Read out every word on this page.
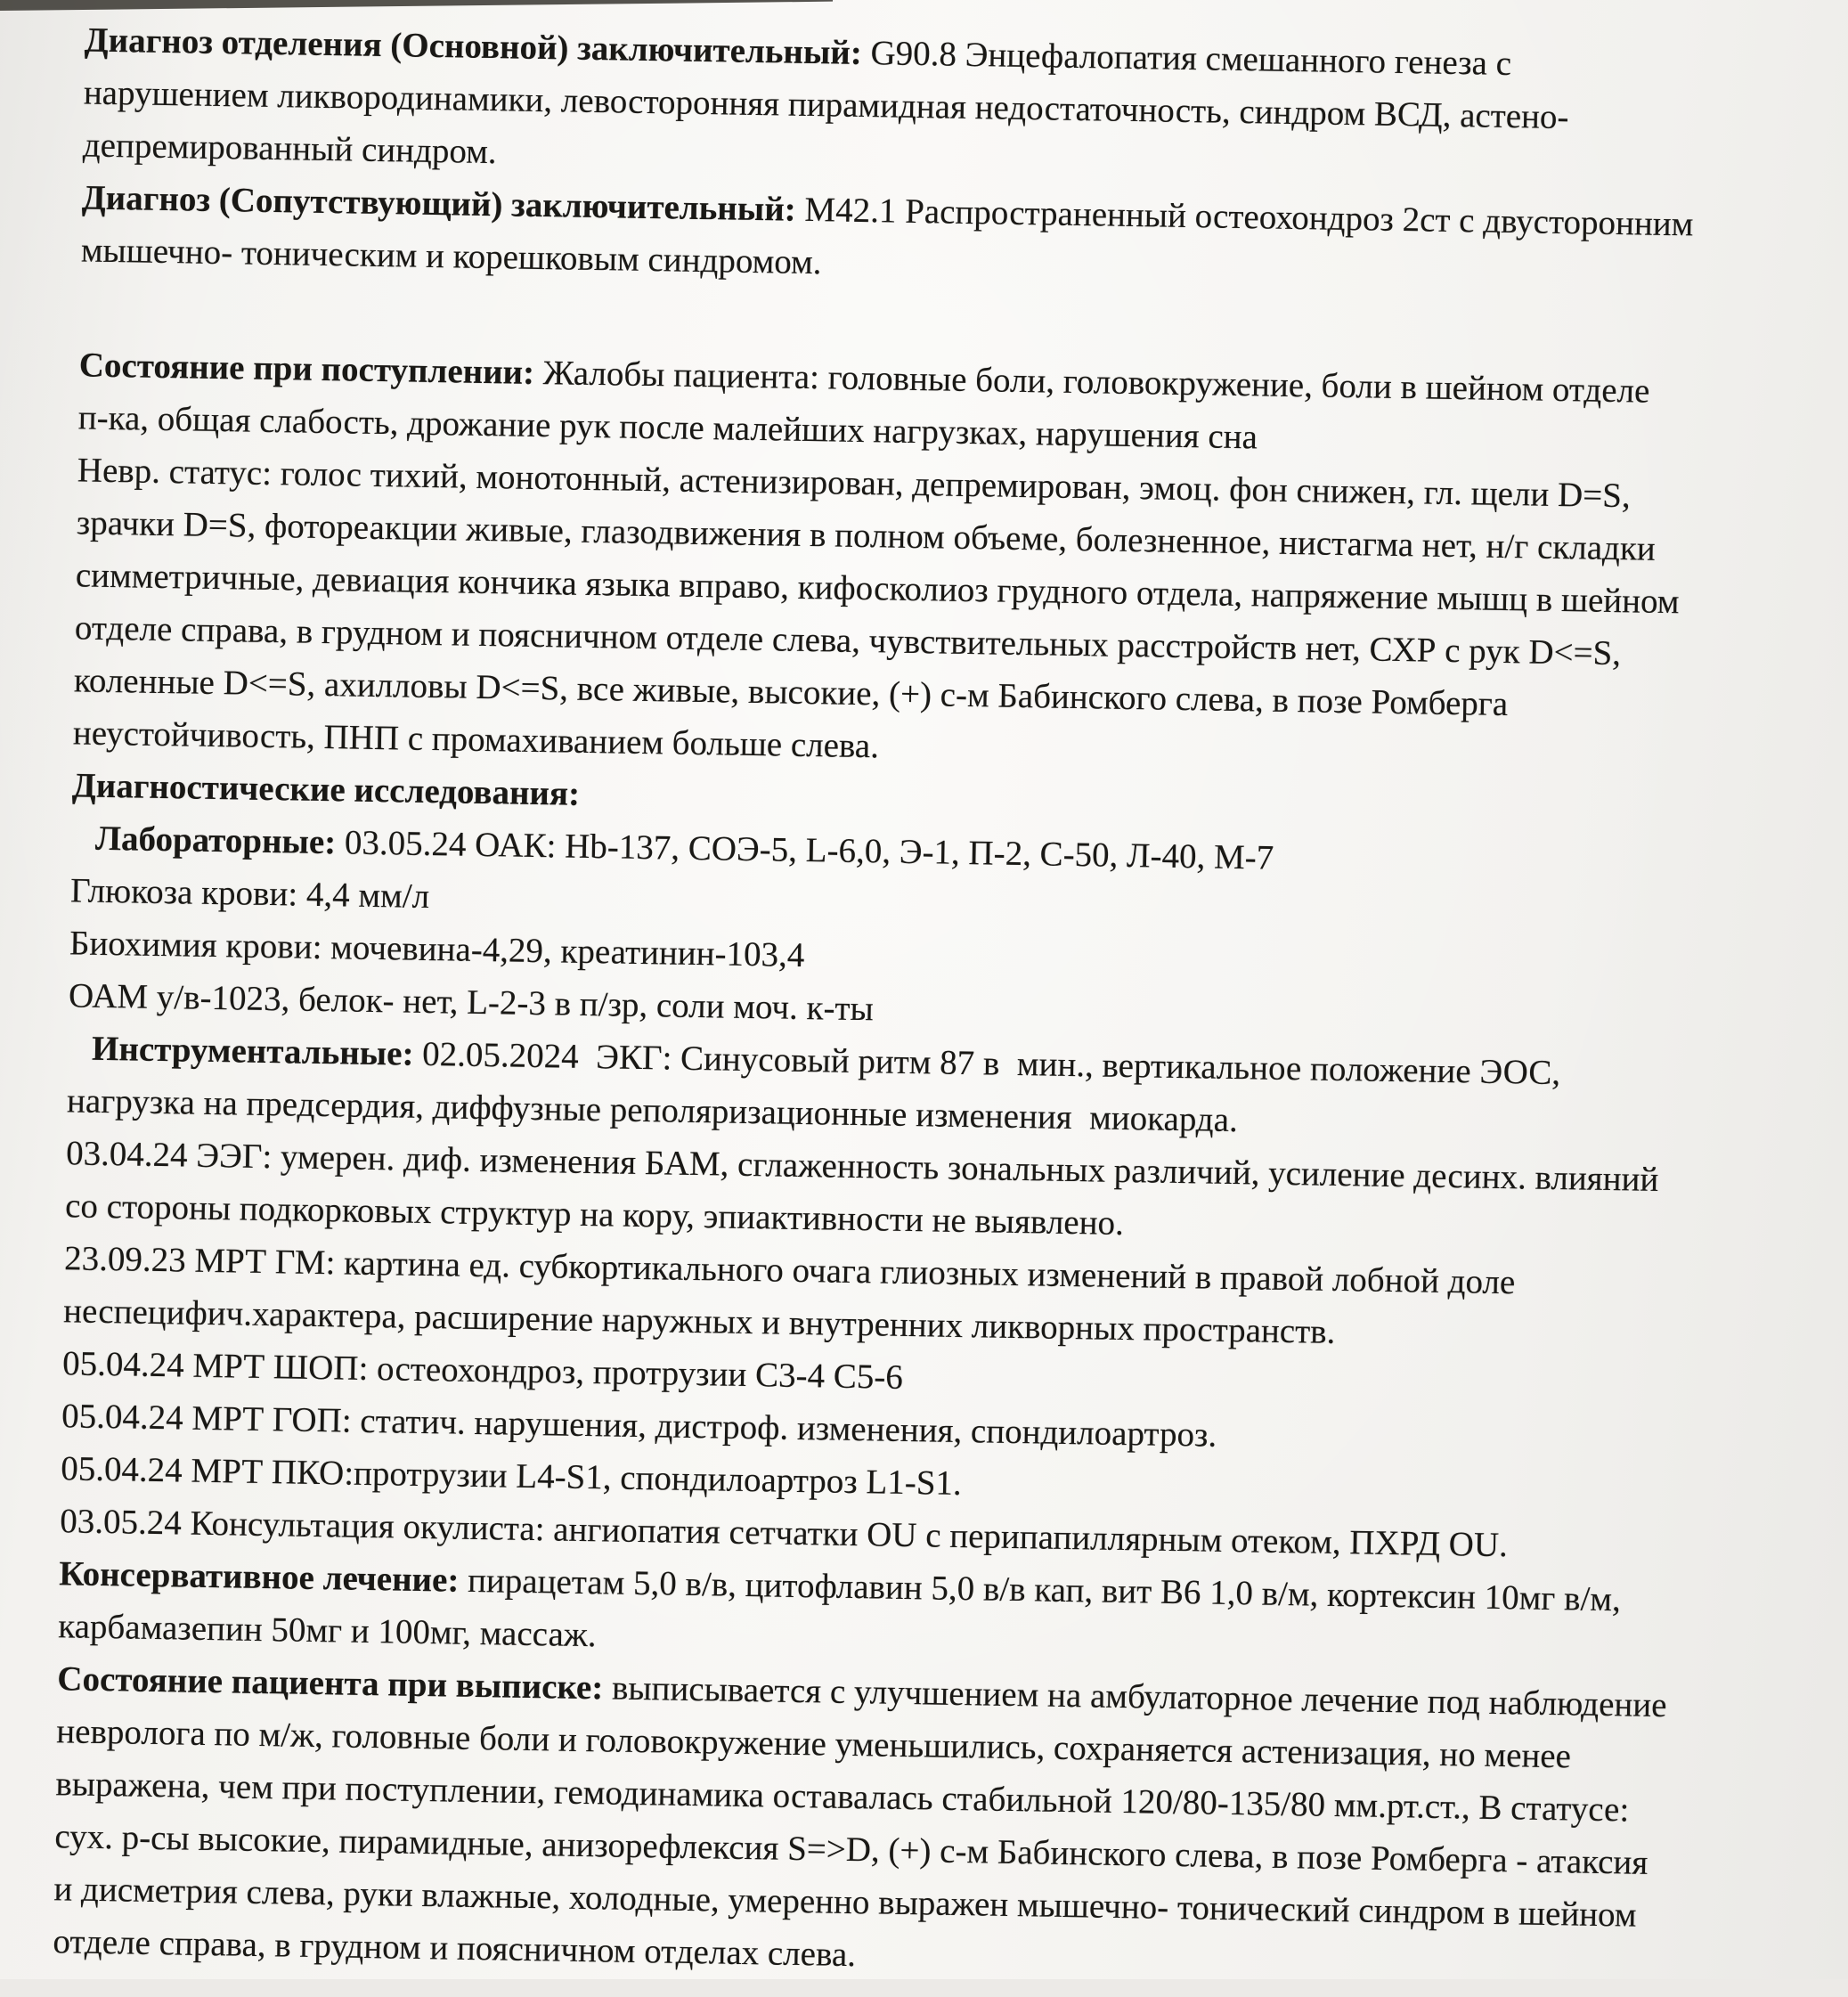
Диагноз отделения (Основной) заключительный: G90.8 Энцефалопатия смешанного генеза с
нарушением ликвородинамики, левосторонняя пирамидная недостаточность, синдром ВСД, астено-
депремированный синдром.

Диагноз (Сопутствующий) заключительный: М42.1 Распространенный остеохондроз 2ст с двусторонним
мышечно- тоническим и корешковым синдромом.

Состояние при поступлении: Жалобы пациента: головные боли, головокружение, боли в шейном отделе
п-ка, общая слабость, дрожание рук после малейших нагрузках, нарушения сна

Невр. статус: голос тихий, монотонный, астенизирован, депремирован, эмоц. фон снижен, гл. щели D=S,
зрачки D=S, фотореакции живые, глазодвижения в полном объеме, болезненное, нистагма нет, н/г складки
симметричные, девиация кончика языка вправо, кифосколиоз грудного отдела, напряжение мышц в шейном
отделе справа, в грудном и поясничном отделе слева, чувствительных расстройств нет, СХР с рук D<=S,
коленные D<=S, ахилловы D<=S, все живые, высокие, (+) с-м Бабинского слева, в позе Ромберга
неустойчивость, ПНП с промахиванием больше слева.

Диагностические исследования:

Лабораторные: 03.05.24 ОАК: Hb-137, СОЭ-5, L-6,0, Э-1, П-2, С-50, Л-40, М-7

Глюкоза крови: 4,4 мм/л

Биохимия крови: мочевина-4,29, креатинин-103,4

ОАМ у/в-1023, белок- нет, L-2-3 в п/зр, соли моч. к-ты

Инструментальные: 02.05.2024  ЭКГ: Синусовый ритм 87 в  мин., вертикальное положение ЭОС,
нагрузка на предсердия, диффузные реполяризационные изменения  миокарда.

03.04.24 ЭЭГ: умерен. диф. изменения БАМ, сглаженность зональных различий, усиление десинх. влияний
со стороны подкорковых структур на кору, эпиактивности не выявлено.

23.09.23 МРТ ГМ: картина ед. субкортикального очага глиозных изменений в правой лобной доле
неспецифич.характера, расширение наружных и внутренних ликворных пространств.

05.04.24 МРТ ШОП: остеохондроз, протрузии С3-4 С5-6

05.04.24 МРТ ГОП: статич. нарушения, дистроф. изменения, спондилоартроз.

05.04.24 МРТ ПКО:протрузии L4-S1, спондилоартроз L1-S1.

03.05.24 Консультация окулиста: ангиопатия сетчатки OU с перипапиллярным отеком, ПХРД OU.

Консервативное лечение: пирацетам 5,0 в/в, цитофлавин 5,0 в/в кап, вит В6 1,0 в/м, кортексин 10мг в/м,
карбамазепин 50мг и 100мг, массаж.

Состояние пациента при выписке: выписывается с улучшением на амбулаторное лечение под наблюдение
невролога по м/ж, головные боли и головокружение уменьшились, сохраняется астенизация, но менее
выражена, чем при поступлении, гемодинамика оставалась стабильной 120/80-135/80 мм.рт.ст., В статусе:
сух. р-сы высокие, пирамидные, анизорефлексия S=>D, (+) с-м Бабинского слева, в позе Ромберга - атаксия
и дисметрия слева, руки влажные, холодные, умеренно выражен мышечно- тонический синдром в шейном
отделе справа, в грудном и поясничном отделах слева.
